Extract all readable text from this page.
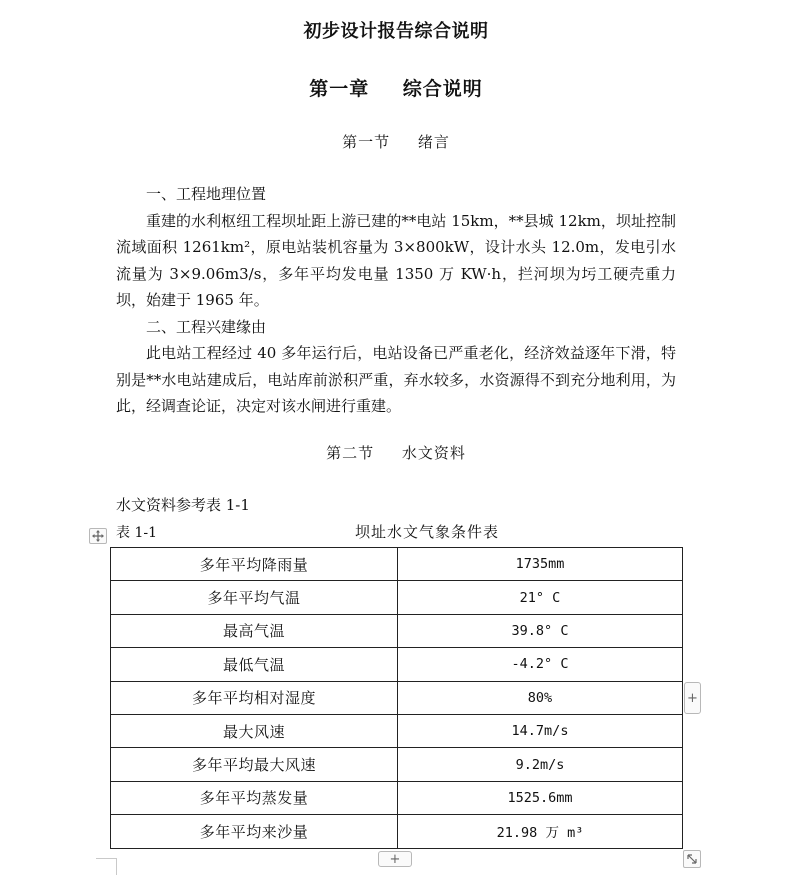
初步设计报告综合说明
第一章 综合说明
第一节 绪言
一、工程地理位置

重建的水利枢纽工程坝址距上游已建的**电站 15km，**县城 12km，坝址控制流域面积 1261km²，原电站装机容量为 3×800kW，设计水头 12.0m，发电引水流量为 3×9.06m3/s，多年平均发电量 1350 万 KW·h，拦河坝为圬工硬壳重力坝，始建于 1965 年。

二、工程兴建缘由

此电站工程经过 40 多年运行后，电站设备已严重老化，经济效益逐年下滑，特别是**水电站建成后，电站库前淤积严重，弃水较多，水资源得不到充分地利用，为此，经调查论证，决定对该水闸进行重建。

第二节 水文资料
水文资料参考表 1-1
表 1-1	坝址水文气象条件表
多年平均降雨量	1735mm
多年平均气温	21° C
最高气温	39.8° C
最低气温	-4.2° C
多年平均相对湿度	80%
最大风速	14.7m/s
多年平均最大风速	9.2m/s
多年平均蒸发量	1525.6mm
多年平均来沙量	21.98 万 m³
+
+
